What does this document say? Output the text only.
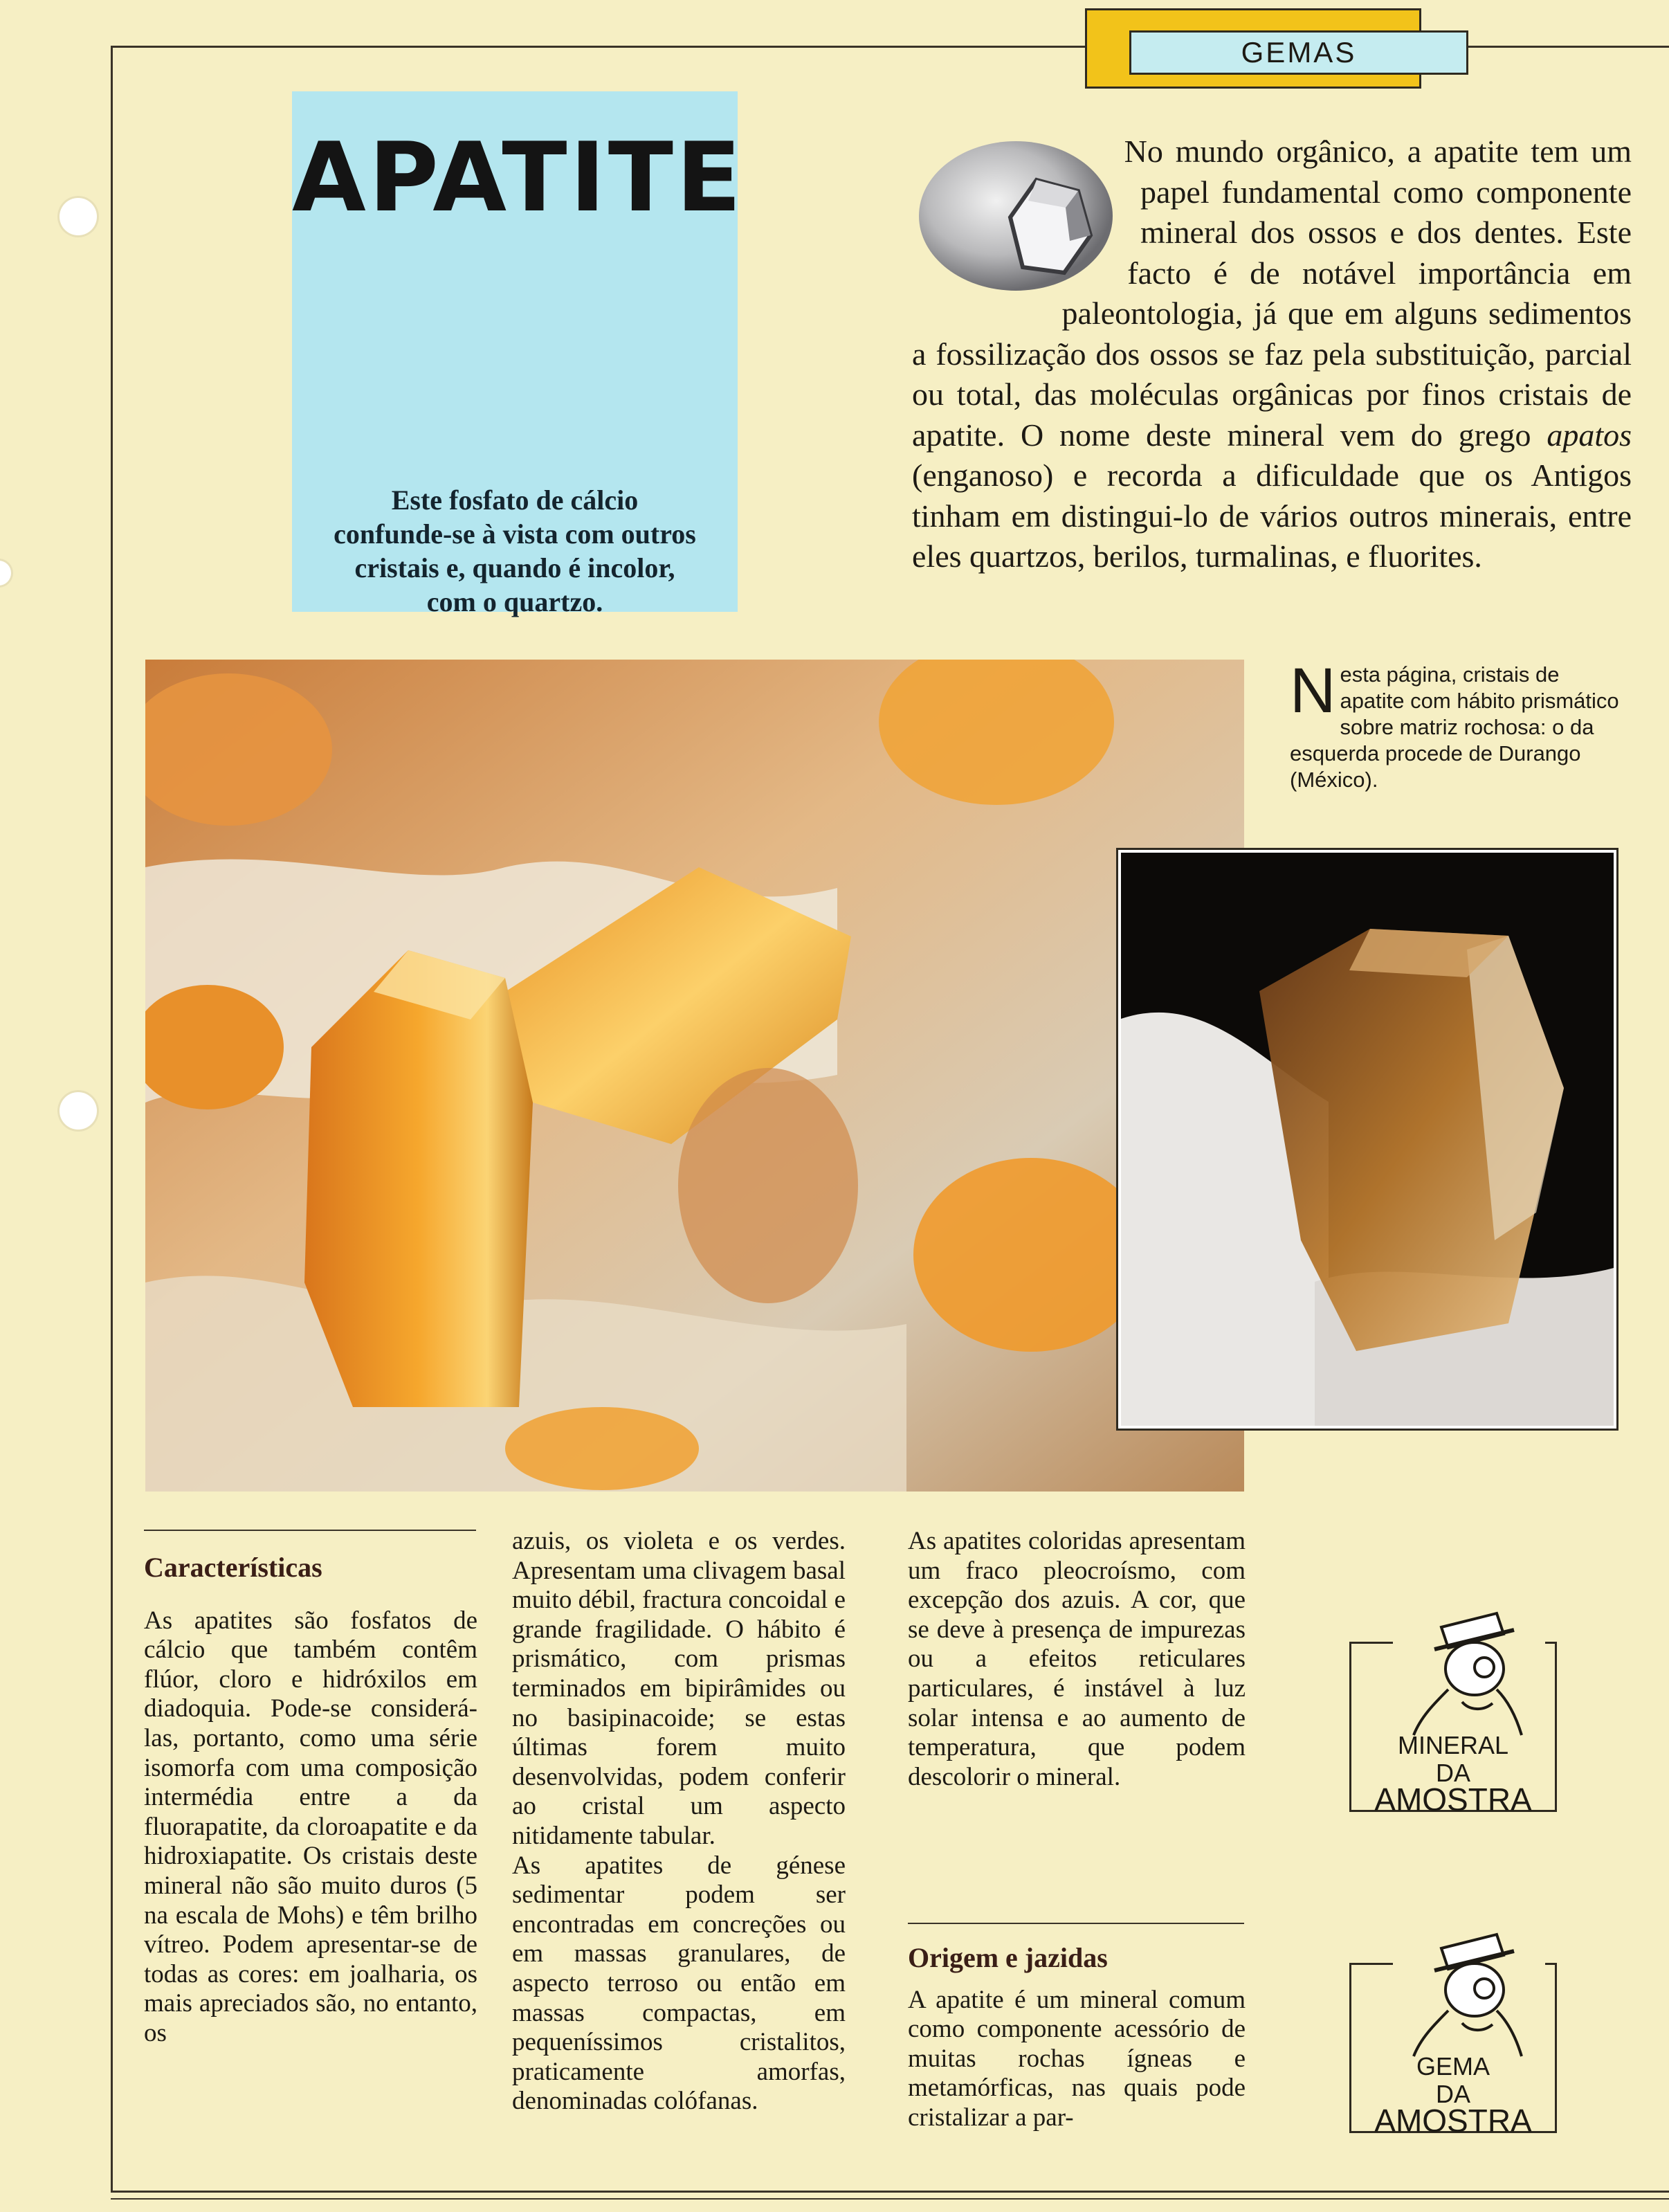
GEMAS
APATITE
Este fosfato de cálcio confunde-se à vista com outros cristais e, quando é incolor, com o quartzo.
No mundo orgânico, a apatite tem um papel fundamental como componente mineral dos ossos e dos dentes. Este facto é de notável importância em paleontologia, já que em alguns sedimentos a fossilização dos ossos se faz pela substituição, parcial ou total, das moléculas orgânicas por finos cristais de apatite. O nome deste mineral vem do grego apatos (enganoso) e recorda a dificuldade que os Antigos tinham em distingui-lo de vários outros minerais, entre eles quartzos, berilos, turmalinas, e fluorites.
Nesta página, cristais de apatite com hábito prismático sobre matriz rochosa: o da esquerda procede de Durango (México).
Características

As apatites são fosfatos de cálcio que também contêm flúor, cloro e hidróxilos em diadoquia. Pode-se considerá-las, portanto, como uma série isomorfa com uma composição intermédia entre a da fluorapatite, da cloroapatite e da hidroxiapatite. Os cristais deste mineral não são muito duros (5 na escala de Mohs) e têm brilho vítreo. Podem apresentar-se de todas as cores: em joalharia, os mais apreciados são, no entanto, os

azuis, os violeta e os verdes. Apresentam uma clivagem basal muito débil, fractura concoidal e grande fragilidade. O hábito é prismático, com prismas terminados em bipirâmides ou no basipinacoide; se estas últimas forem muito desenvolvidas, podem conferir ao cristal um aspecto nitidamente tabular.

As apatites de génese sedimentar podem ser encontradas em concreções ou em massas granulares, de aspecto terroso ou então em massas compactas, em pequeníssimos cristalitos, praticamente amorfas, denominadas colófanas.

As apatites coloridas apresentam um fraco pleocroísmo, com excepção dos azuis. A cor, que se deve à presença de impurezas ou a efeitos reticulares particulares, é instável à luz solar intensa e ao aumento de temperatura, que podem descolorir o mineral.

Origem e jazidas

A apatite é um mineral comum como componente acessório de muitas rochas ígneas e metamórficas, nas quais pode cristalizar a par-

MINERAL
DA
AMOSTRA
GEMA
DA
AMOSTRA
